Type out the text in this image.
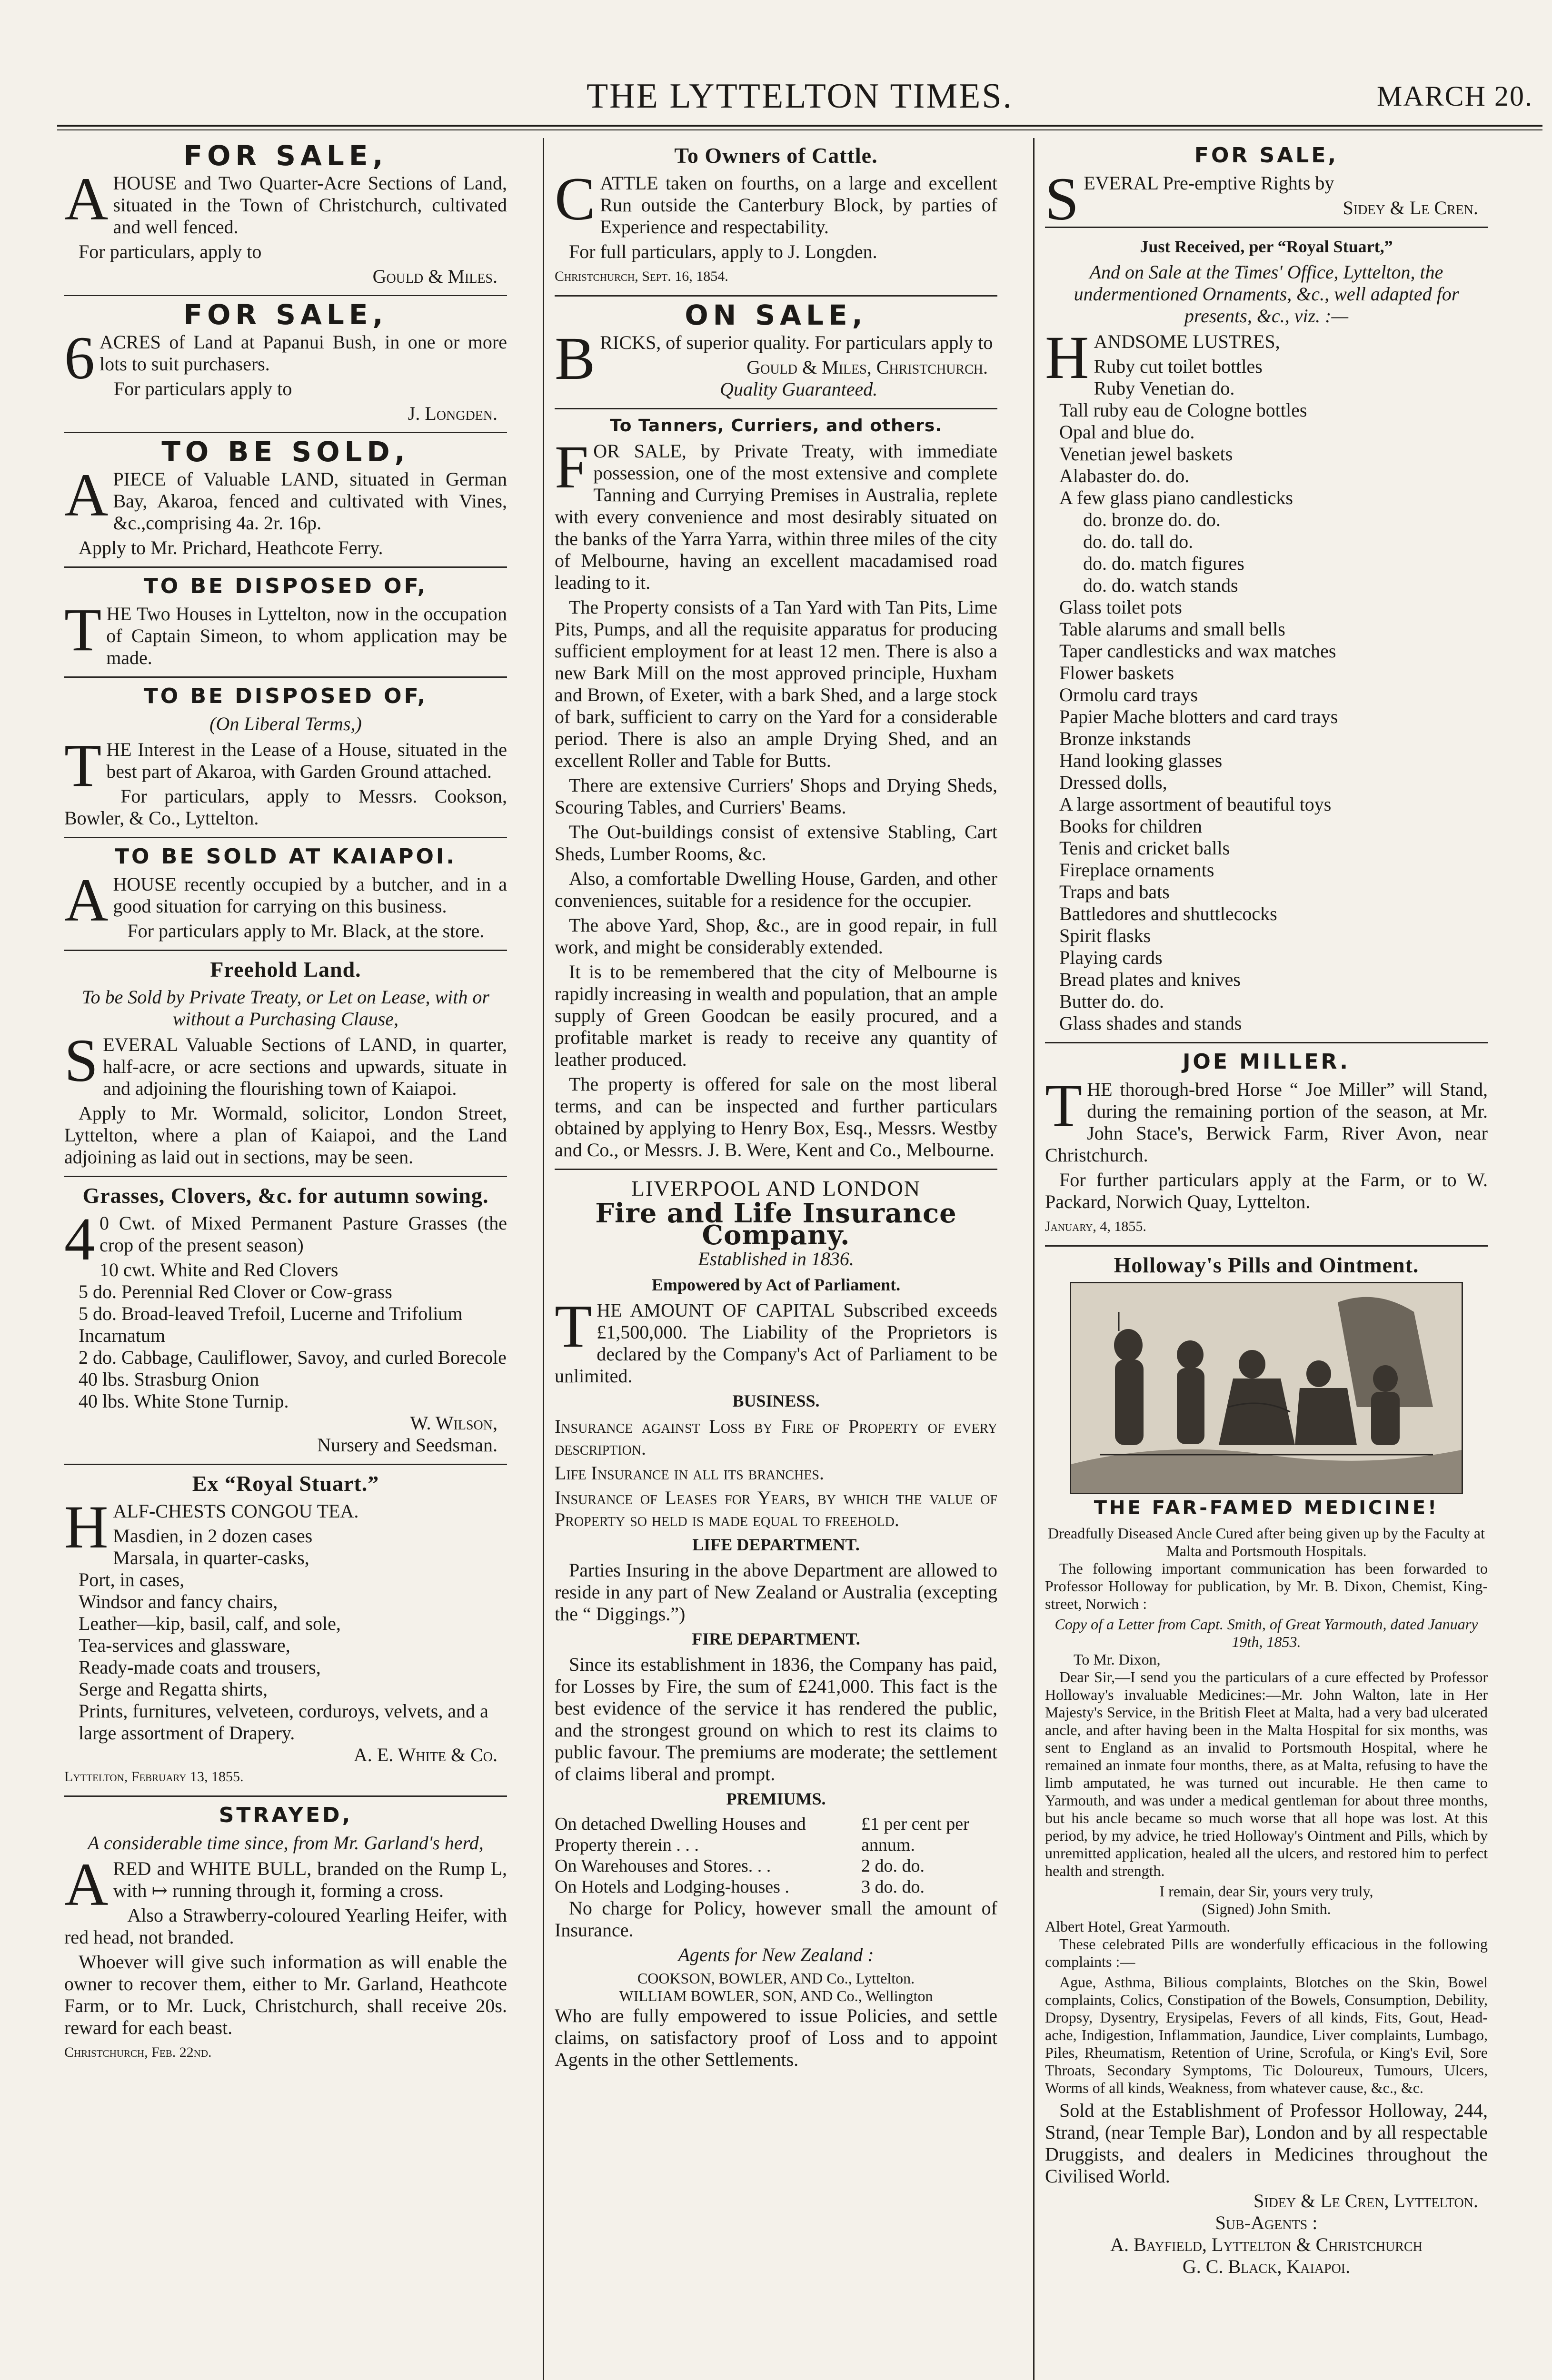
THE LYTTELTON TIMES.	MARCH 20.
FOR SALE,

AHOUSE and Two Quarter-Acre Sections of Land, situated in the Town of Christchurch, cultivated and well fenced.

For particulars, apply to

Gould & Miles.
FOR SALE,

6ACRES of Land at Papanui Bush, in one or more lots to suit purchasers.

For particulars apply to

J. Longden.
TO BE SOLD,

APIECE of Valuable LAND, situated in German Bay, Akaroa, fenced and cultivated with Vines, &c.,comprising 4a. 2r. 16p.

Apply to Mr. Prichard, Heathcote Ferry.

TO BE DISPOSED OF,

THE Two Houses in Lyttelton, now in the occupation of Captain Simeon, to whom application may be made.

TO BE DISPOSED OF,
(On Liberal Terms,)

THE Interest in the Lease of a House, situated in the best part of Akaroa, with Garden Ground attached.

For particulars, apply to Messrs. Cookson, Bowler, & Co., Lyttelton.

TO BE SOLD AT KAIAPOI.

AHOUSE recently occupied by a butcher, and in a good situation for carrying on this business.

For particulars apply to Mr. Black, at the store.

Freehold Land.
To be Sold by Private Treaty, or Let on Lease, with or without a Purchasing Clause,

SEVERAL Valuable Sections of LAND, in quarter, half-acre, or acre sections and upwards, situate in and adjoining the flourishing town of Kaiapoi.

Apply to Mr. Wormald, solicitor, London Street, Lyttelton, where a plan of Kaiapoi, and the Land adjoining as laid out in sections, may be seen.

Grasses, Clovers, &c. for autumn sowing.

40 Cwt. of Mixed Permanent Pasture Grasses (the crop of the present season)

10 cwt. White and Red Clovers
5 do. Perennial Red Clover or Cow-grass
5 do. Broad-leaved Trefoil, Lucerne and Trifolium Incarnatum
2 do. Cabbage, Cauliflower, Savoy, and curled Borecole
40 lbs. Strasburg Onion
40 lbs. White Stone Turnip.
W. Wilson,
Nursery and Seedsman.
Ex “Royal Stuart.”

HALF-CHESTS CONGOU TEA.

Masdien, in 2 dozen cases
Marsala, in quarter-casks,
Port, in cases,
Windsor and fancy chairs,
Leather—kip, basil, calf, and sole,
Tea-services and glassware,
Ready-made coats and trousers,
Serge and Regatta shirts,
Prints, furnitures, velveteen, corduroys, velvets, and a large assortment of Drapery.
A. E. White & Co.
Lyttelton, February 13, 1855.
STRAYED,
A considerable time since, from Mr. Garland's herd,

ARED and WHITE BULL, branded on the Rump L, with ↦ running through it, forming a cross.

Also a Strawberry-coloured Yearling Heifer, with red head, not branded.

Whoever will give such information as will enable the owner to recover them, either to Mr. Garland, Heathcote Farm, or to Mr. Luck, Christchurch, shall receive 20s. reward for each beast.

Christchurch, Feb. 22nd.
To Owners of Cattle.

CATTLE taken on fourths, on a large and excellent Run outside the Canterbury Block, by parties of Experience and respectability.

For full particulars, apply to J. Longden.

Christchurch, Sept. 16, 1854.
ON SALE,

BRICKS, of superior quality. For particulars apply to

Gould & Miles, Christchurch.
Quality Guaranteed.
To Tanners, Curriers, and others.

FOR SALE, by Private Treaty, with immediate possession, one of the most extensive and complete Tanning and Currying Premises in Australia, replete with every convenience and most desirably situated on the banks of the Yarra Yarra, within three miles of the city of Melbourne, having an excellent macadamised road leading to it.

The Property consists of a Tan Yard with Tan Pits, Lime Pits, Pumps, and all the requisite apparatus for producing sufficient employment for at least 12 men. There is also a new Bark Mill on the most approved principle, Huxham and Brown, of Exeter, with a bark Shed, and a large stock of bark, sufficient to carry on the Yard for a considerable period. There is also an ample Drying Shed, and an excellent Roller and Table for Butts.

There are extensive Curriers' Shops and Drying Sheds, Scouring Tables, and Curriers' Beams.

The Out-buildings consist of extensive Stabling, Cart Sheds, Lumber Rooms, &c.

Also, a comfortable Dwelling House, Garden, and other conveniences, suitable for a residence for the occupier.

The above Yard, Shop, &c., are in good repair, in full work, and might be considerably extended.

It is to be remembered that the city of Melbourne is rapidly increasing in wealth and population, that an ample supply of Green Goodcan be easily procured, and a profitable market is ready to receive any quantity of leather produced.

The property is offered for sale on the most liberal terms, and can be inspected and further particulars obtained by applying to Henry Box, Esq., Messrs. Westby and Co., or Messrs. J. B. Were, Kent and Co., Melbourne.

LIVERPOOL AND LONDON
Fire and Life Insurance Company.
Established in 1836.
Empowered by Act of Parliament.

THE AMOUNT OF CAPITAL Subscribed exceeds £1,500,000. The Liability of the Proprietors is declared by the Company's Act of Parliament to be unlimited.

BUSINESS.

Insurance against Loss by Fire of Property of every description.

Life Insurance in all its branches.

Insurance of Leases for Years, by which the value of Property so held is made equal to freehold.

LIFE DEPARTMENT.

Parties Insuring in the above Department are allowed to reside in any part of New Zealand or Australia (excepting the “ Diggings.”)

FIRE DEPARTMENT.

Since its establishment in 1836, the Company has paid, for Losses by Fire, the sum of £241,000. This fact is the best evidence of the service it has rendered the public, and the strongest ground on which to rest its claims to public favour. The premiums are moderate; the settlement of claims liberal and prompt.

PREMIUMS.
On detached Dwelling Houses and Property therein . . .	£1 per cent per annum.
On Warehouses and Stores. . .	2 do. do.
On Hotels and Lodging-houses .	3 do. do.

No charge for Policy, however small the amount of Insurance.

Agents for New Zealand :
COOKSON, BOWLER, AND Co., Lyttelton.
WILLIAM BOWLER, SON, AND Co., Wellington

Who are fully empowered to issue Policies, and settle claims, on satisfactory proof of Loss and to appoint Agents in the other Settlements.

FOR SALE,

SEVERAL Pre-emptive Rights by

Sidey & Le Cren.
Just Received, per “Royal Stuart,”
And on Sale at the Times' Office, Lyttelton, the undermentioned Ornaments, &c., well adapted for presents, &c., viz. :—

HANDSOME LUSTRES,

Ruby cut toilet bottles
Ruby Venetian do.
Tall ruby eau de Cologne bottles
Opal and blue do.
Venetian jewel baskets
Alabaster do. do.
A few glass piano candlesticks
do. bronze do. do.
do. do. tall do.
do. do. match figures
do. do. watch stands
Glass toilet pots
Table alarums and small bells
Taper candlesticks and wax matches
Flower baskets
Ormolu card trays
Papier Mache blotters and card trays
Bronze inkstands
Hand looking glasses
Dressed dolls,
A large assortment of beautiful toys
Books for children
Tenis and cricket balls
Fireplace ornaments
Traps and bats
Battledores and shuttlecocks
Spirit flasks
Playing cards
Bread plates and knives
Butter do. do.
Glass shades and stands
JOE MILLER.

THE thorough-bred Horse “ Joe Miller” will Stand, during the remaining portion of the season, at Mr. John Stace's, Berwick Farm, River Avon, near Christchurch.

For further particulars apply at the Farm, or to W. Packard, Norwich Quay, Lyttelton.

January, 4, 1855.
Holloway's Pills and Ointment.
THE FAR-FAMED MEDICINE!
Dreadfully Diseased Ancle Cured after being given up by the Faculty at Malta and Portsmouth Hospitals.

The following important communication has been forwarded to Professor Holloway for publication, by Mr. B. Dixon, Chemist, King-street, Norwich :

Copy of a Letter from Capt. Smith, of Great Yarmouth, dated January 19th, 1853.
To Mr. Dixon,

Dear Sir,—I send you the particulars of a cure effected by Professor Holloway's invaluable Medicines:—Mr. John Walton, late in Her Majesty's Service, in the British Fleet at Malta, had a very bad ulcerated ancle, and after having been in the Malta Hospital for six months, was sent to England as an invalid to Portsmouth Hospital, where he remained an inmate four months, there, as at Malta, refusing to have the limb amputated, he was turned out incurable. He then came to Yarmouth, and was under a medical gentleman for about three months, but his ancle became so much worse that all hope was lost. At this period, by my advice, he tried Holloway's Ointment and Pills, which by unremitted application, healed all the ulcers, and restored him to perfect health and strength.

I remain, dear Sir, yours very truly,
(Signed) John Smith.
Albert Hotel, Great Yarmouth.

These celebrated Pills are wonderfully efficacious in the following complaints :—

Ague, Asthma, Bilious complaints, Blotches on the Skin, Bowel complaints, Colics, Constipation of the Bowels, Consumption, Debility, Dropsy, Dysentry, Erysipelas, Fevers of all kinds, Fits, Gout, Head-ache, Indigestion, Inflammation, Jaundice, Liver complaints, Lumbago, Piles, Rheumatism, Retention of Urine, Scrofula, or King's Evil, Sore Throats, Secondary Symptoms, Tic Doloureux, Tumours, Ulcers, Worms of all kinds, Weakness, from whatever cause, &c., &c.

Sold at the Establishment of Professor Holloway, 244, Strand, (near Temple Bar), London and by all respectable Druggists, and dealers in Medicines throughout the Civilised World.

Sidey & Le Cren, Lyttelton.
Sub-Agents :
A. Bayfield, Lyttelton & Christchurch
G. C. Black, Kaiapoi.
